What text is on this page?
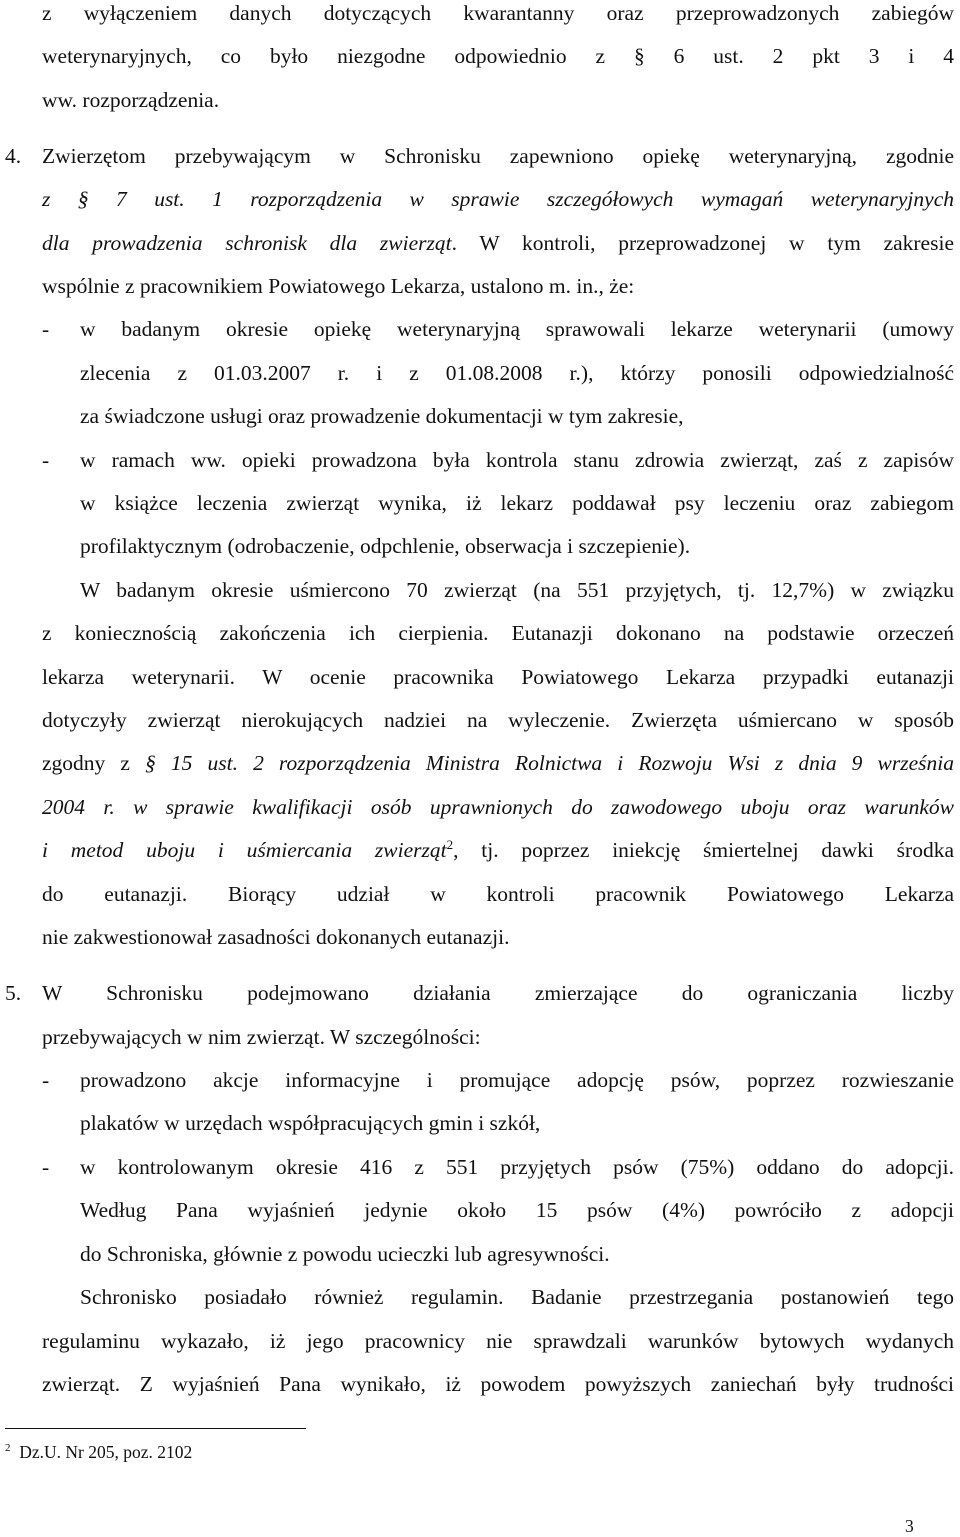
z wyłączeniem danych dotyczących kwarantanny oraz przeprowadzonych zabiegów
weterynaryjnych, co było niezgodne odpowiednio z § 6 ust. 2 pkt 3 i 4
ww. rozporządzenia.
4. Zwierzętom przebywającym w Schronisku zapewniono opiekę weterynaryjną, zgodnie
z § 7 ust. 1 rozporządzenia w sprawie szczegółowych wymagań weterynaryjnych
dla prowadzenia schronisk dla zwierząt. W kontroli, przeprowadzonej w tym zakresie
wspólnie z pracownikiem Powiatowego Lekarza, ustalono m. in., że:
- w badanym okresie opiekę weterynaryjną sprawowali lekarze weterynarii (umowy
zlecenia z 01.03.2007 r. i z 01.08.2008 r.), którzy ponosili odpowiedzialność
za świadczone usługi oraz prowadzenie dokumentacji w tym zakresie,
- w ramach ww. opieki prowadzona była kontrola stanu zdrowia zwierząt, zaś z zapisów
w książce leczenia zwierząt wynika, iż lekarz poddawał psy leczeniu oraz zabiegom
profilaktycznym (odrobaczenie, odpchlenie, obserwacja i szczepienie).
W badanym okresie uśmiercono 70 zwierząt (na 551 przyjętych, tj. 12,7%) w związku
z koniecznością zakończenia ich cierpienia. Eutanazji dokonano na podstawie orzeczeń
lekarza weterynarii. W ocenie pracownika Powiatowego Lekarza przypadki eutanazji
dotyczyły zwierząt nierokujących nadziei na wyleczenie. Zwierzęta uśmiercano w sposób
zgodny z § 15 ust. 2 rozporządzenia Ministra Rolnictwa i Rozwoju Wsi z dnia 9 września
2004 r. w sprawie kwalifikacji osób uprawnionych do zawodowego uboju oraz warunków
i metod uboju i uśmiercania zwierząt$^2$, tj. poprzez iniekcję śmiertelnej dawki środka
do eutanazji. Biorący udział w kontroli pracownik Powiatowego Lekarza
nie zakwestionował zasadności dokonanych eutanazji.
5. W Schronisku podejmowano działania zmierzające do ograniczania liczby
przebywających w nim zwierząt. W szczególności:
- prowadzono akcje informacyjne i promujące adopcję psów, poprzez rozwieszanie
plakatów w urzędach współpracujących gmin i szkół,
- w kontrolowanym okresie 416 z 551 przyjętych psów (75%) oddano do adopcji.
Według Pana wyjaśnień jedynie około 15 psów (4%) powróciło z adopcji
do Schroniska, głównie z powodu ucieczki lub agresywności.
Schronisko posiadało również regulamin. Badanie przestrzegania postanowień tego
regulaminu wykazało, iż jego pracownicy nie sprawdzali warunków bytowych wydanych
zwierząt. Z wyjaśnień Pana wynikało, iż powodem powyższych zaniechań były trudności
$^2$ Dz.U. Nr 205, poz. 2102
3
